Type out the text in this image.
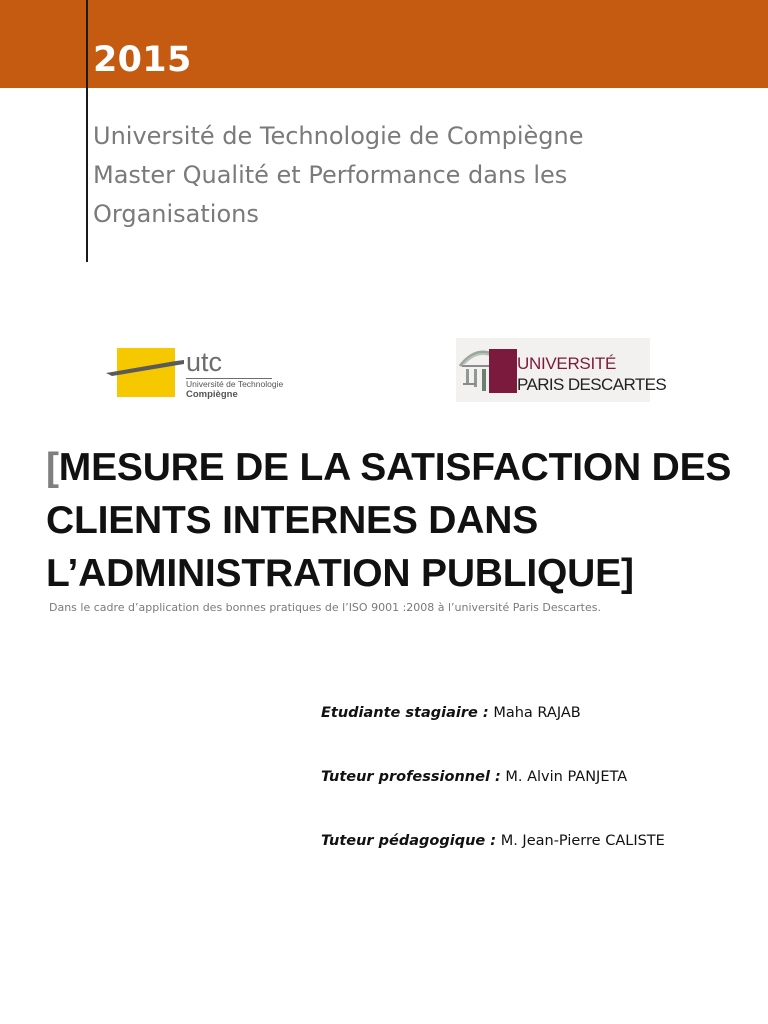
2015
Université de Technologie de Compiègne
Master Qualité et Performance dans les
Organisations
utc
Université de Technologie
Compiègne
UNIVERSITÉ
PARIS DESCARTES
[MESURE DE LA SATISFACTION DES
CLIENTS INTERNES DANS
L’ADMINISTRATION PUBLIQUE]
Dans le cadre d’application des bonnes pratiques de l’ISO 9001 :2008 à l’université Paris Descartes.
Etudiante stagiaire : Maha RAJAB
Tuteur professionnel : M. Alvin PANJETA
Tuteur pédagogique : M. Jean-Pierre CALISTE
